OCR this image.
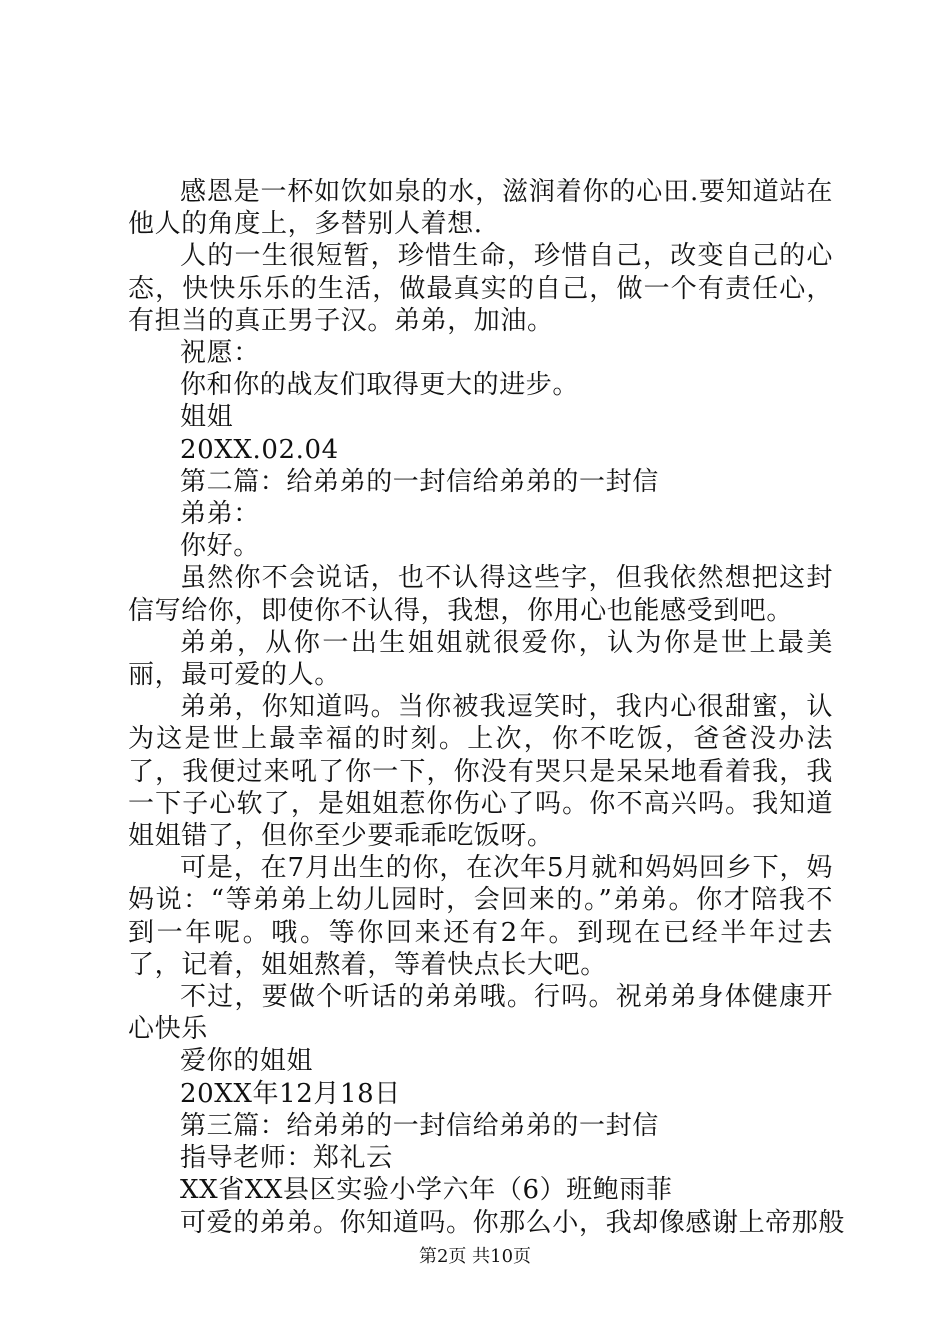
感恩是一杯如饮如泉的水，滋润着你的心田.要知道站在他人的角度上，多替别人着想.

人的一生很短暂，珍惜生命，珍惜自己，改变自己的心态，快快乐乐的生活，做最真实的自己，做一个有责任心，有担当的真正男子汉。弟弟，加油。

祝愿：

你和你的战友们取得更大的进步。

姐姐

20XX.02.04

第二篇：给弟弟的一封信给弟弟的一封信

弟弟：

你好。

虽然你不会说话，也不认得这些字，但我依然想把这封信写给你，即使你不认得，我想，你用心也能感受到吧。

弟弟，从你一出生姐姐就很爱你，认为你是世上最美丽，最可爱的人。

弟弟，你知道吗。当你被我逗笑时，我内心很甜蜜，认为这是世上最幸福的时刻。上次，你不吃饭，爸爸没办法了，我便过来吼了你一下，你没有哭只是呆呆地看着我，我一下子心软了，是姐姐惹你伤心了吗。你不高兴吗。我知道姐姐错了，但你至少要乖乖吃饭呀。

可是，在7月出生的你，在次年5月就和妈妈回乡下，妈妈说：“等弟弟上幼儿园时，会回来的。”弟弟。你才陪我不到一年呢。哦。等你回来还有2年。到现在已经半年过去了，记着，姐姐熬着，等着快点长大吧。

不过，要做个听话的弟弟哦。行吗。祝弟弟身体健康开心快乐

爱你的姐姐

20XX年12月18日

第三篇：给弟弟的一封信给弟弟的一封信

指导老师：郑礼云

XX省XX县区实验小学六年（6）班鲍雨菲

可爱的弟弟。你知道吗。你那么小，我却像感谢上帝那般

第2页 共10页
